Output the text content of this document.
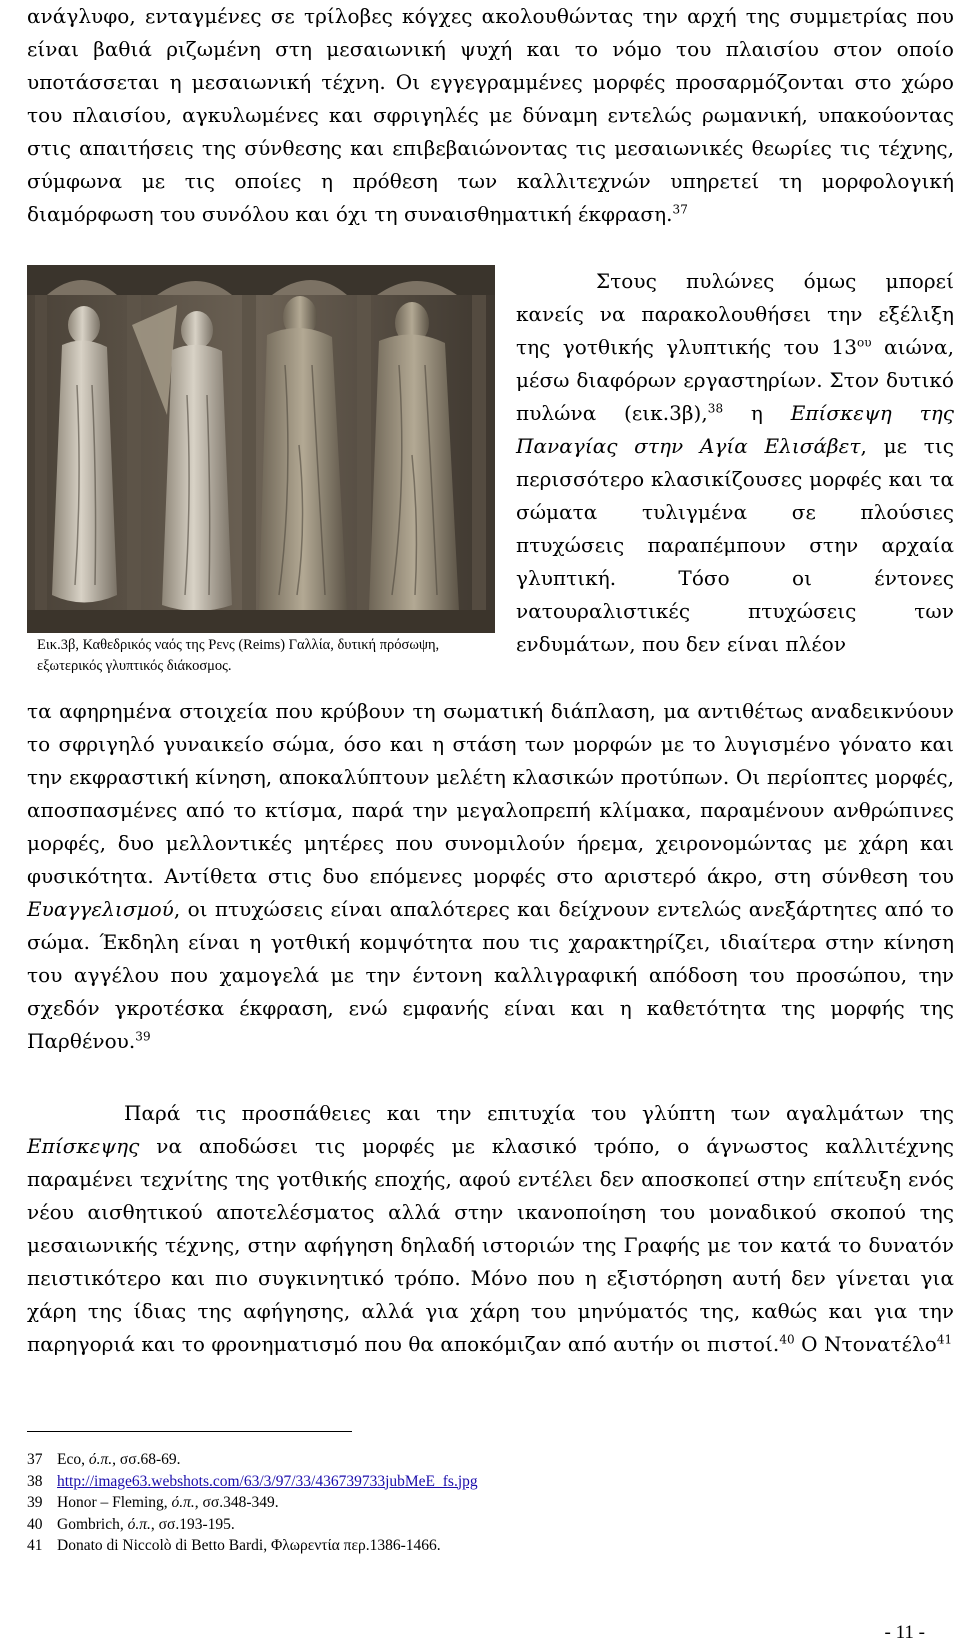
ανάγλυφο, ενταγμένες σε τρίλοβες κόγχες ακολουθώντας την αρχή της συμμετρίας που είναι βαθιά ριζωμένη στη μεσαιωνική ψυχή και το νόμο του πλαισίου στον οποίο υποτάσσεται η μεσαιωνική τέχνη. Οι εγγεγραμμένες μορφές προσαρμόζονται στο χώρο του πλαισίου, αγκυλωμένες και σφριγηλές με δύναμη εντελώς ρωμανική, υπακούοντας στις απαιτήσεις της σύνθεσης και επιβεβαιώνοντας τις μεσαιωνικές θεωρίες τις τέχνης, σύμφωνα με τις οποίες η πρόθεση των καλλιτεχνών υπηρετεί τη μορφολογική διαμόρφωση του συνόλου και όχι τη συναισθηματική έκφραση.$^{37}$

Εικ.3β, Καθεδρικός ναός της Ρενς (Reims) Γαλλία, δυτική πρόσωψη, εξωτερικός γλυπτικός διάκοσμος.

Στους πυλώνες όμως μπορεί κανείς να παρακολουθήσει την εξέλιξη της γοτθικής γλυπτικής του $13^{o\upsilon}$ αιώνα, μέσω διαφόρων εργαστηρίων. Στον δυτικό πυλώνα (εικ.3β),$^{38}$ η Επίσκεψη της Παναγίας στην Αγία Ελισάβετ, με τις περισσότερο κλασικίζουσες μορφές και τα σώματα τυλιγμένα σε πλούσιες πτυχώσεις παραπέμπουν στην αρχαία γλυπτική. Τόσο οι έντονες νατουραλιστικές πτυχώσεις των ενδυμάτων, που δεν είναι πλέον

τα αφηρημένα στοιχεία που κρύβουν τη σωματική διάπλαση, μα αντιθέτως αναδεικνύουν το σφριγηλό γυναικείο σώμα, όσο και η στάση των μορφών με το λυγισμένο γόνατο και την εκφραστική κίνηση, αποκαλύπτουν μελέτη κλασικών προτύπων. Οι περίοπτες μορφές, αποσπασμένες από το κτίσμα, παρά την μεγαλοπρεπή κλίμακα, παραμένουν ανθρώπινες μορφές, δυο μελλοντικές μητέρες που συνομιλούν ήρεμα, χειρονομώντας με χάρη και φυσικότητα. Αντίθετα στις δυο επόμενες μορφές στο αριστερό άκρο, στη σύνθεση του Ευαγγελισμού, οι πτυχώσεις είναι απαλότερες και δείχνουν εντελώς ανεξάρτητες από το σώμα. Έκδηλη είναι η γοτθική κομψότητα που τις χαρακτηρίζει, ιδιαίτερα στην κίνηση του αγγέλου που χαμογελά με την έντονη καλλιγραφική απόδοση του προσώπου, την σχεδόν γκροτέσκα έκφραση, ενώ εμφανής είναι και η καθετότητα της μορφής της Παρθένου.$^{39}$

Παρά τις προσπάθειες και την επιτυχία του γλύπτη των αγαλμάτων της Επίσκεψης να αποδώσει τις μορφές με κλασικό τρόπο, ο άγνωστος καλλιτέχνης παραμένει τεχνίτης της γοτθικής εποχής, αφού εντέλει δεν αποσκοπεί στην επίτευξη ενός νέου αισθητικού αποτελέσματος αλλά στην ικανοποίηση του μοναδικού σκοπού της μεσαιωνικής τέχνης, στην αφήγηση δηλαδή ιστοριών της Γραφής με τον κατά το δυνατόν πειστικότερο και πιο συγκινητικό τρόπο. Μόνο που η εξιστόρηση αυτή δεν γίνεται για χάρη της ίδιας της αφήγησης, αλλά για χάρη του μηνύματός της, καθώς και για την παρηγοριά και το φρονηματισμό που θα αποκόμιζαν από αυτήν οι πιστοί.$^{40}$ Ο Ντονατέλο$^{41}$

37 Eco, ό.π., σσ.68-69.

38 http://image63.webshots.com/63/3/97/33/436739733jubMeE_fs.jpg

39 Honor – Fleming, ό.π., σσ.348-349.

40 Gombrich, ό.π., σσ.193-195.

41 Donato di Niccolò di Betto Bardi, Φλωρεντία περ.1386-1466.

- 11 -
